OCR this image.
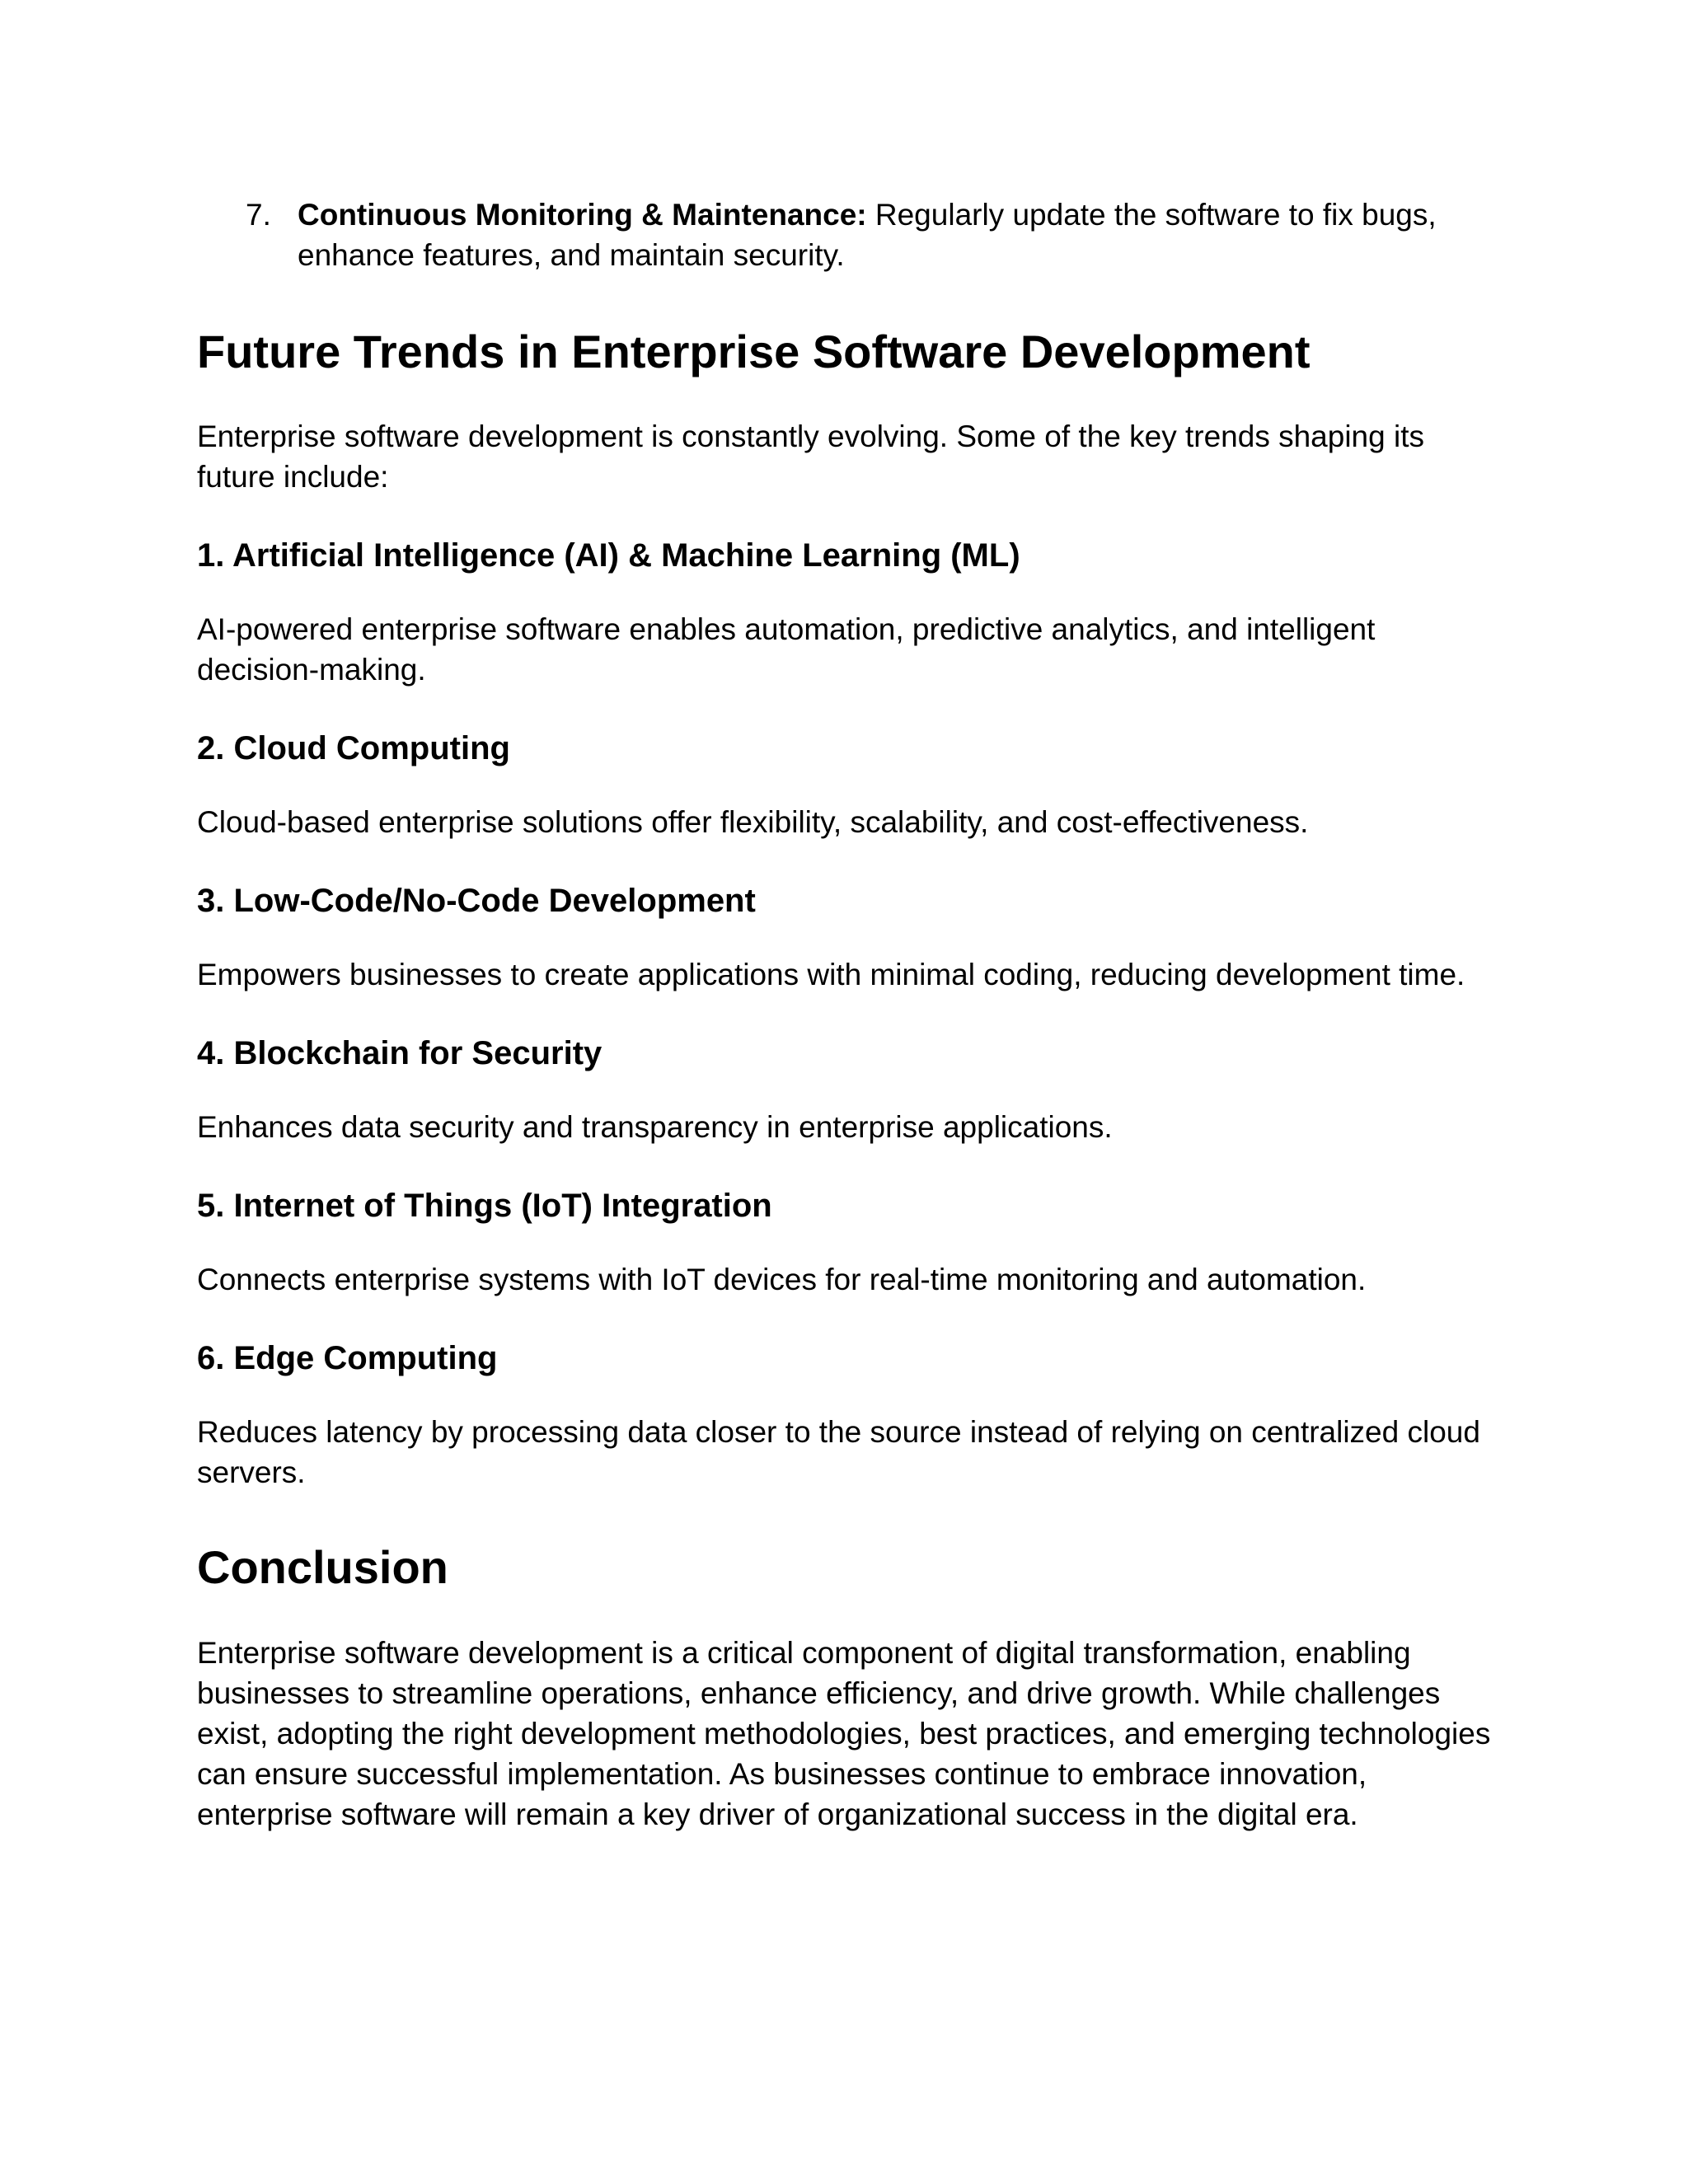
7. Continuous Monitoring & Maintenance: Regularly update the software to fix bugs, enhance features, and maintain security.
Future Trends in Enterprise Software Development

Enterprise software development is constantly evolving. Some of the key trends shaping its future include:

1. Artificial Intelligence (AI) & Machine Learning (ML)

AI-powered enterprise software enables automation, predictive analytics, and intelligent decision-making.

2. Cloud Computing

Cloud-based enterprise solutions offer flexibility, scalability, and cost-effectiveness.

3. Low-Code/No-Code Development

Empowers businesses to create applications with minimal coding, reducing development time.

4. Blockchain for Security

Enhances data security and transparency in enterprise applications.

5. Internet of Things (IoT) Integration

Connects enterprise systems with IoT devices for real-time monitoring and automation.

6. Edge Computing

Reduces latency by processing data closer to the source instead of relying on centralized cloud servers.

Conclusion

Enterprise software development is a critical component of digital transformation, enabling businesses to streamline operations, enhance efficiency, and drive growth. While challenges exist, adopting the right development methodologies, best practices, and emerging technologies can ensure successful implementation. As businesses continue to embrace innovation, enterprise software will remain a key driver of organizational success in the digital era.
